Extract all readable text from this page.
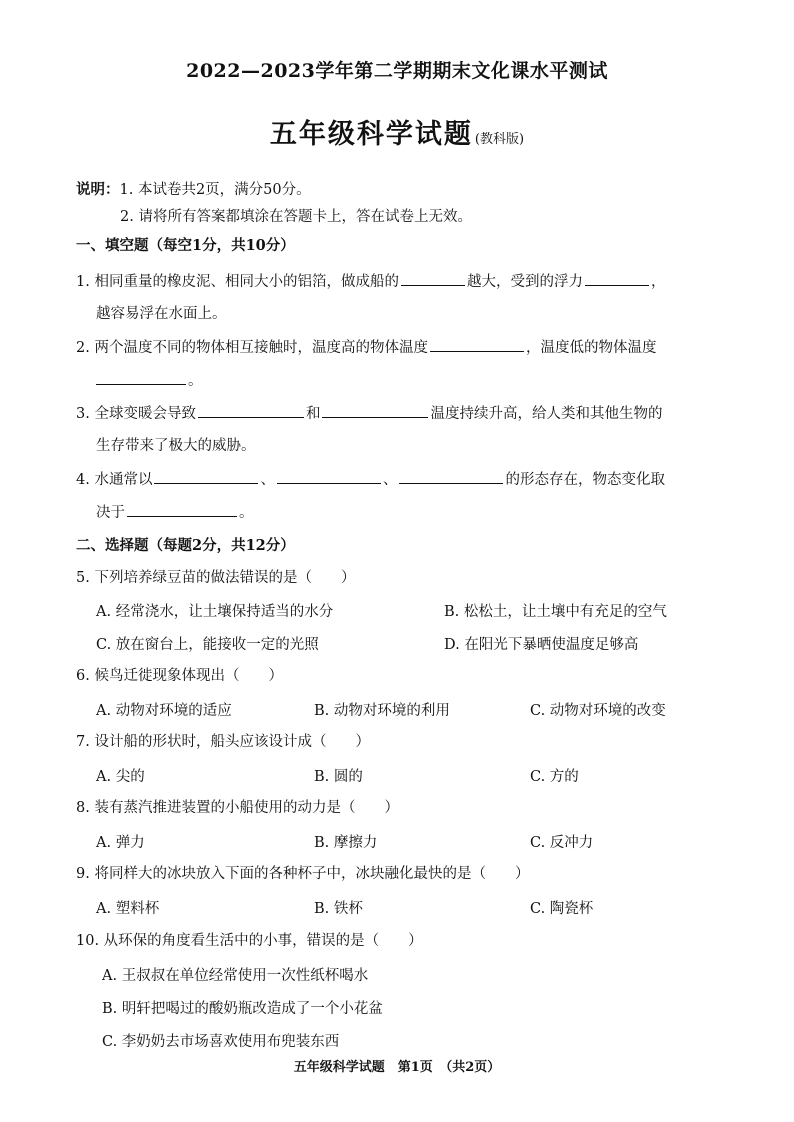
2022—2023学年第二学期期末文化课水平测试
五年级科学试题 (教科版)
说明：1. 本试卷共2页，满分50分。
2. 请将所有答案都填涂在答题卡上，答在试卷上无效。
一、填空题（每空1分，共10分）
1. 相同重量的橡皮泥、相同大小的铝箔，做成船的	越大，受到的浮力	，
越容易浮在水面上。
2. 两个温度不同的物体相互接触时，温度高的物体温度	，温度低的物体温度
。
3. 全球变暖会导致	和	温度持续升高，给人类和其他生物的
生存带来了极大的威胁。
4. 水通常以	、	、	的形态存在，物态变化取
决于	。
二、选择题（每题2分，共12分）
5. 下列培养绿豆苗的做法错误的是（　　）
A. 经常浇水，让土壤保持适当的水分	B. 松松土，让土壤中有充足的空气
C. 放在窗台上，能接收一定的光照	D. 在阳光下暴晒使温度足够高
6. 候鸟迁徙现象体现出（　　）
A. 动物对环境的适应	B. 动物对环境的利用	C. 动物对环境的改变
7. 设计船的形状时，船头应该设计成（　　）
A. 尖的	B. 圆的	C. 方的
8. 装有蒸汽推进装置的小船使用的动力是（　　）
A. 弹力	B. 摩擦力	C. 反冲力
9. 将同样大的冰块放入下面的各种杯子中，冰块融化最快的是（　　）
A. 塑料杯	B. 铁杯	C. 陶瓷杯
10. 从环保的角度看生活中的小事，错误的是（　　）
A. 王叔叔在单位经常使用一次性纸杯喝水
B. 明轩把喝过的酸奶瓶改造成了一个小花盆
C. 李奶奶去市场喜欢使用布兜装东西
五年级科学试题　第1页　（共2页）
